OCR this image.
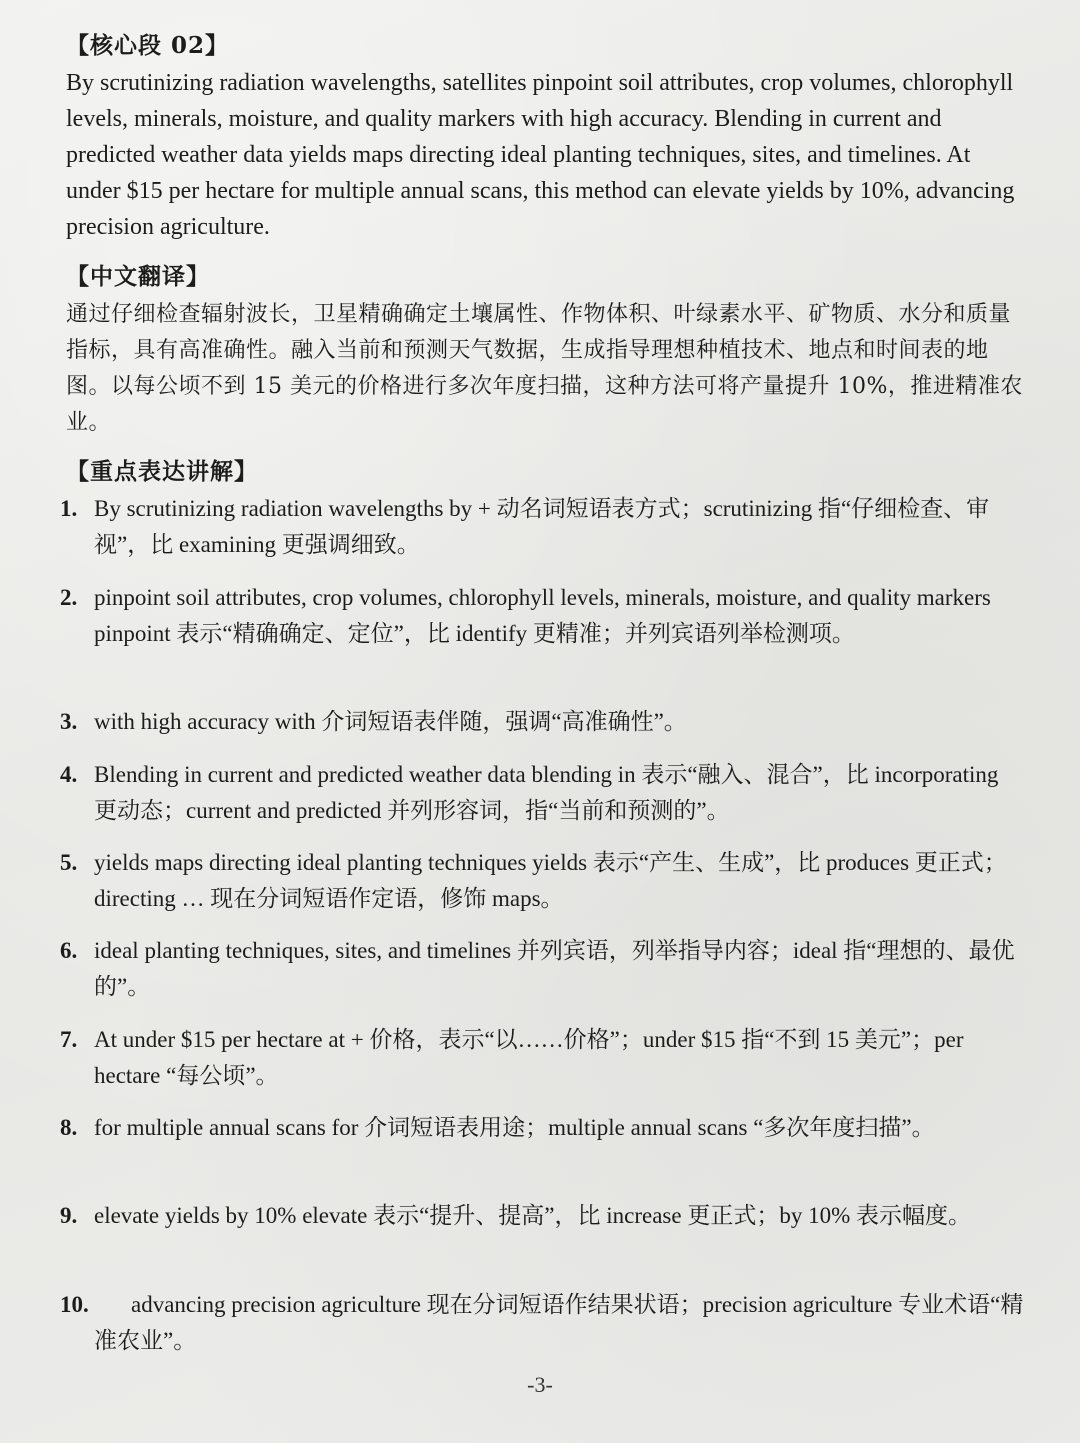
【核心段 02】

By scrutinizing radiation wavelengths, satellites pinpoint soil attributes, crop volumes, chlorophyll levels, minerals, moisture, and quality markers with high accuracy. Blending in current and predicted weather data yields maps directing ideal planting techniques, sites, and timelines. At under $15 per hectare for multiple annual scans, this method can elevate yields by 10%, advancing precision agriculture.

【中文翻译】

通过仔细检查辐射波长，卫星精确确定土壤属性、作物体积、叶绿素水平、矿物质、水分和质量指标，具有高准确性。融入当前和预测天气数据，生成指导理想种植技术、地点和时间表的地图。以每公顷不到 15 美元的价格进行多次年度扫描，这种方法可将产量提升 10%，推进精准农业。

【重点表达讲解】
1. By scrutinizing radiation wavelengths by + 动名词短语表方式；scrutinizing 指“仔细检查、审视”，比 examining 更强调细致。
2. pinpoint soil attributes, crop volumes, chlorophyll levels, minerals, moisture, and quality markers pinpoint 表示“精确确定、定位”，比 identify 更精准；并列宾语列举检测项。
3. with high accuracy with 介词短语表伴随，强调“高准确性”。
4. Blending in current and predicted weather data blending in 表示“融入、混合”，比 incorporating 更动态；current and predicted 并列形容词，指“当前和预测的”。
5. yields maps directing ideal planting techniques yields 表示“产生、生成”，比 produces 更正式；directing … 现在分词短语作定语，修饰 maps。
6. ideal planting techniques, sites, and timelines 并列宾语，列举指导内容；ideal 指“理想的、最优的”。
7. At under $15 per hectare at + 价格，表示“以……价格”；under $15 指“不到 15 美元”；per hectare “每公顷”。
8. for multiple annual scans for 介词短语表用途；multiple annual scans “多次年度扫描”。
9. elevate yields by 10% elevate 表示“提升、提高”，比 increase 更正式；by 10% 表示幅度。
10.	advancing precision agriculture 现在分词短语作结果状语；precision agriculture 专业术语“精准农业”。
-3-
